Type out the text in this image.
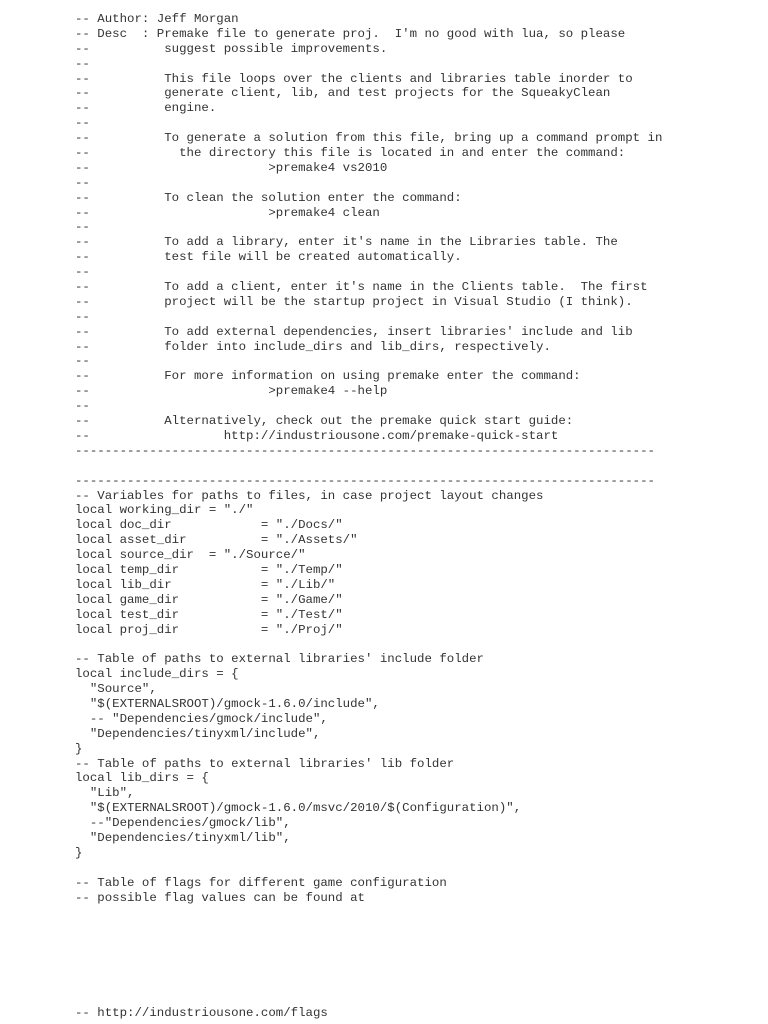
-- Author: Jeff Morgan
-- Desc  : Premake file to generate proj.  I'm no good with lua, so please
--          suggest possible improvements.
--
--          This file loops over the clients and libraries table inorder to
--          generate client, lib, and test projects for the SqueakyClean
--          engine.
--
--          To generate a solution from this file, bring up a command prompt in
--            the directory this file is located in and enter the command:
--                        >premake4 vs2010
--
--          To clean the solution enter the command:
--                        >premake4 clean
--
--          To add a library, enter it's name in the Libraries table. The
--          test file will be created automatically.
--
--          To add a client, enter it's name in the Clients table.  The first
--          project will be the startup project in Visual Studio (I think).
--
--          To add external dependencies, insert libraries' include and lib
--          folder into include_dirs and lib_dirs, respectively.
--
--          For more information on using premake enter the command:
--                        >premake4 --help
--
--          Alternatively, check out the premake quick start guide:
--                  http://industriousone.com/premake-quick-start
------------------------------------------------------------------------------
------------------------------------------------------------------------------
-- Variables for paths to files, in case project layout changes
local working_dir = "./"
local doc_dir            = "./Docs/"
local asset_dir          = "./Assets/"
local source_dir  = "./Source/"
local temp_dir           = "./Temp/"
local lib_dir            = "./Lib/"
local game_dir           = "./Game/"
local test_dir           = "./Test/"
local proj_dir           = "./Proj/"
-- Table of paths to external libraries' include folder
local include_dirs = {
"Source",
"$(EXTERNALSROOT)/gmock-1.6.0/include",
-- "Dependencies/gmock/include",
"Dependencies/tinyxml/include",
}
-- Table of paths to external libraries' lib folder
local lib_dirs = {
"Lib",
"$(EXTERNALSROOT)/gmock-1.6.0/msvc/2010/$(Configuration)",
--"Dependencies/gmock/lib",
"Dependencies/tinyxml/lib",
}
-- Table of flags for different game configuration
-- possible flag values can be found at
-- http://industriousone.com/flags
